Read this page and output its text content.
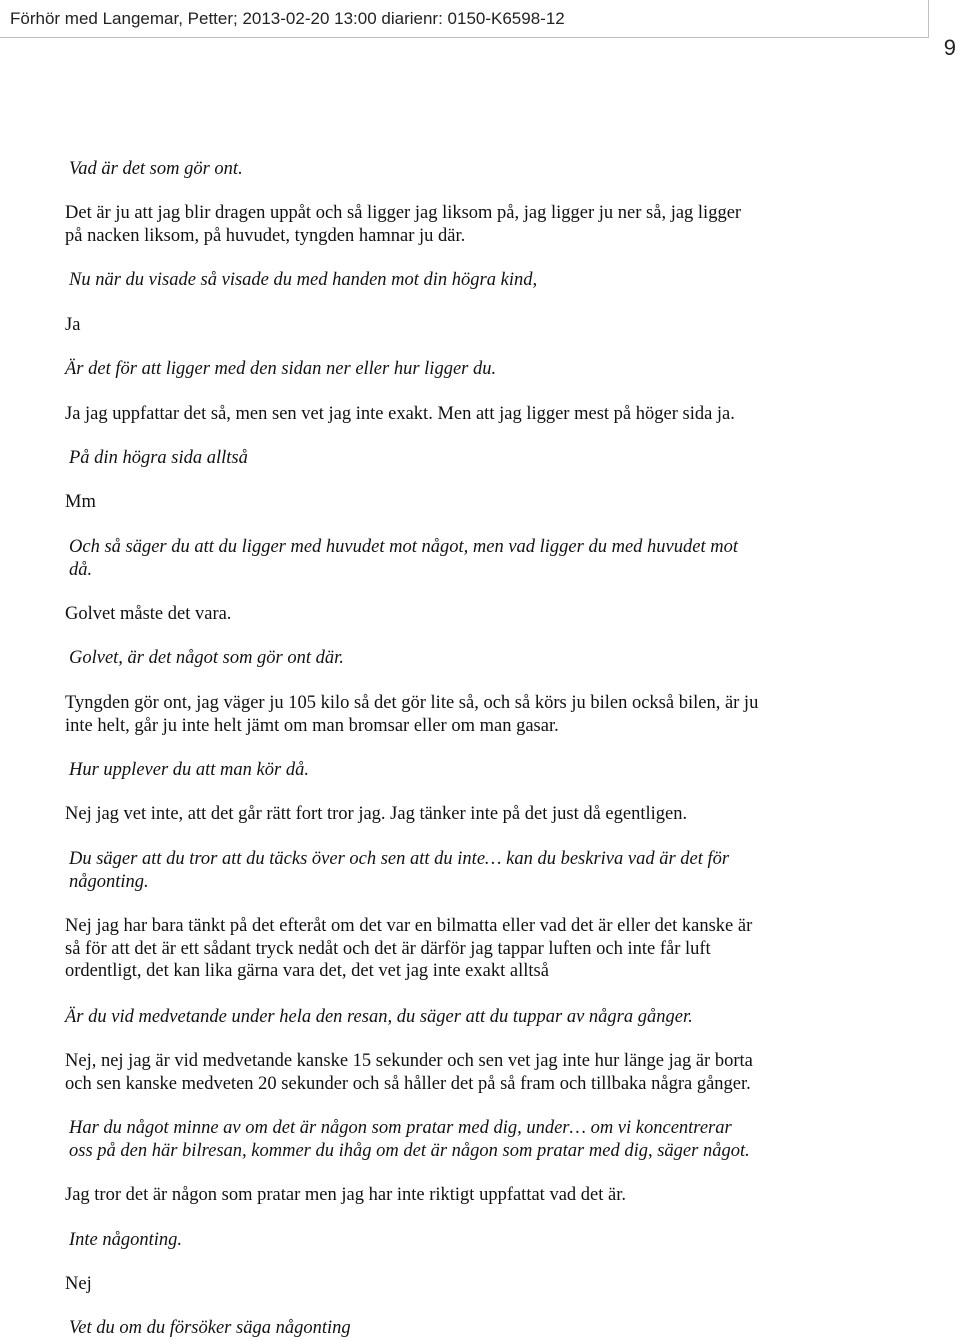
Förhör med Langemar, Petter; 2013-02-20 13:00 diarienr: 0150-K6598-12
9
Vad är det som gör ont.
Det är ju att jag blir dragen uppåt och så ligger jag liksom på, jag ligger ju ner så, jag ligger
på nacken liksom, på huvudet, tyngden hamnar ju där.
Nu när du visade så visade du med handen mot din högra kind,
Ja
Är det för att ligger med den sidan ner eller hur ligger du.
Ja jag uppfattar det så, men sen vet jag inte exakt. Men att jag ligger mest på höger sida ja.
På din högra sida alltså
Mm
Och så säger du att du ligger med huvudet mot något, men vad ligger du med huvudet mot
då.
Golvet måste det vara.
Golvet, är det något som gör ont där.
Tyngden gör ont, jag väger ju 105 kilo så det gör lite så, och så körs ju bilen också bilen, är ju
inte helt, går ju inte helt jämt om man bromsar eller om man gasar.
Hur upplever du att man kör då.
Nej jag vet inte, att det går rätt fort tror jag. Jag tänker inte på det just då egentligen.
Du säger att du tror att du täcks över och sen att du inte… kan du beskriva vad är det för
någonting.
Nej jag har bara tänkt på det efteråt om det var en bilmatta eller vad det är eller det kanske är
så för att det är ett sådant tryck nedåt och det är därför jag tappar luften och inte får luft
ordentligt, det kan lika gärna vara det, det vet jag inte exakt alltså
Är du vid medvetande under hela den resan, du säger att du tuppar av några gånger.
Nej, nej jag är vid medvetande kanske 15 sekunder och sen vet jag inte hur länge jag är borta
och sen kanske medveten 20 sekunder och så håller det på så fram och tillbaka några gånger.
Har du något minne av om det är någon som pratar med dig, under… om vi koncentrerar
oss på den här bilresan, kommer du ihåg om det är någon som pratar med dig, säger något.
Jag tror det är någon som pratar men jag har inte riktigt uppfattat vad det är.
Inte någonting.
Nej
Vet du om du försöker säga någonting
